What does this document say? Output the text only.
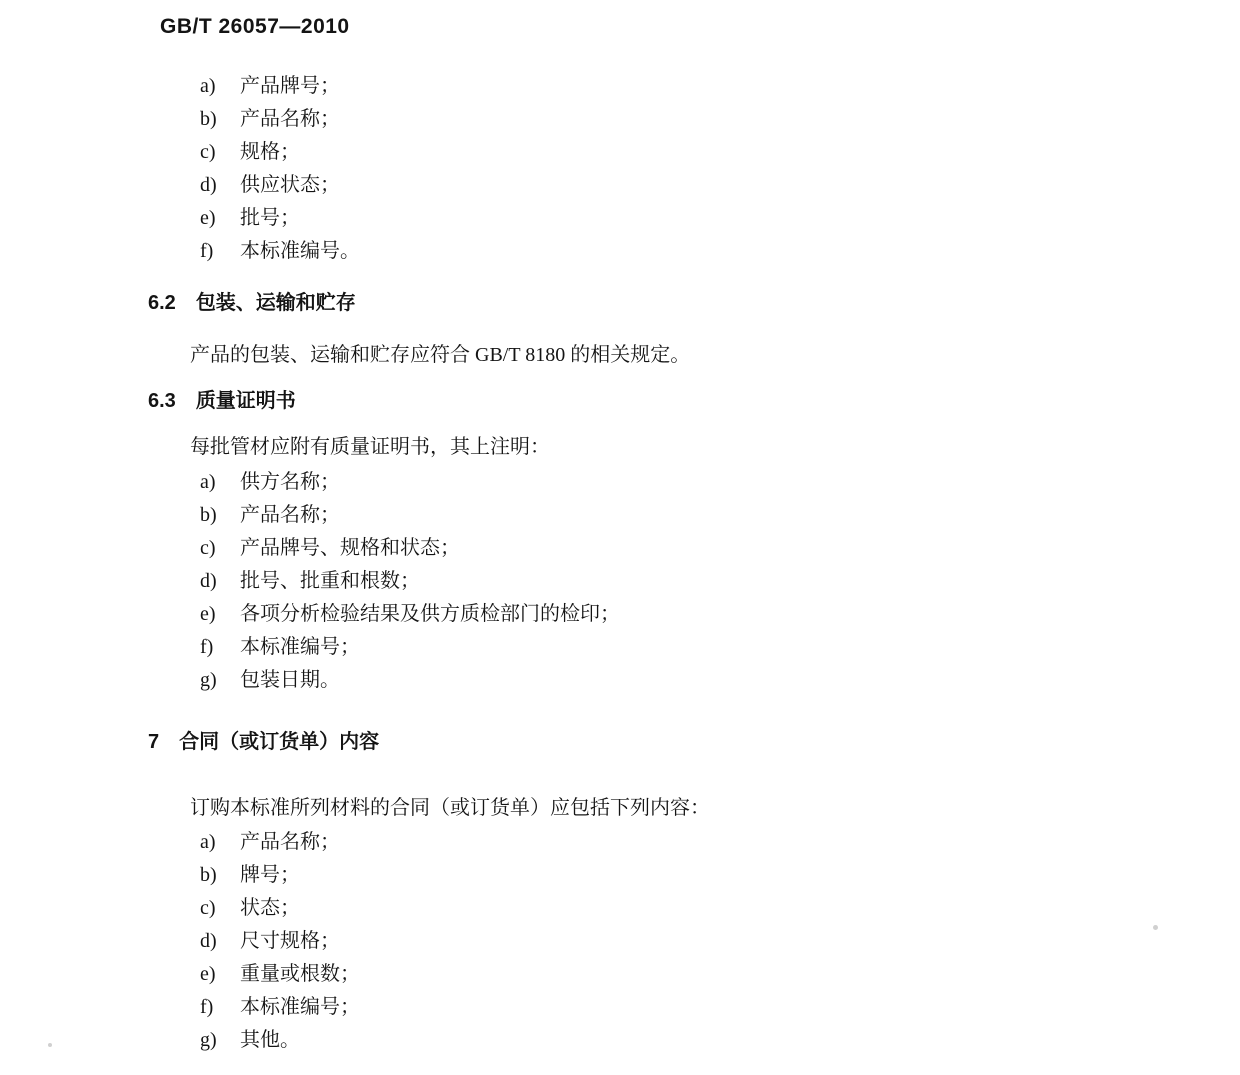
GB/T 26057—2010
a) 产品牌号；
b) 产品名称；
c) 规格；
d) 供应状态；
e) 批号；
f) 本标准编号。
6.2 包装、运输和贮存

产品的包装、运输和贮存应符合 GB/T 8180 的相关规定。

6.3 质量证明书

每批管材应附有质量证明书，其上注明：

a) 供方名称；
b) 产品名称；
c) 产品牌号、规格和状态；
d) 批号、批重和根数；
e) 各项分析检验结果及供方质检部门的检印；
f) 本标准编号；
g) 包装日期。
7 合同（或订货单）内容

订购本标准所列材料的合同（或订货单）应包括下列内容：

a) 产品名称；
b) 牌号；
c) 状态；
d) 尺寸规格；
e) 重量或根数；
f) 本标准编号；
g) 其他。
